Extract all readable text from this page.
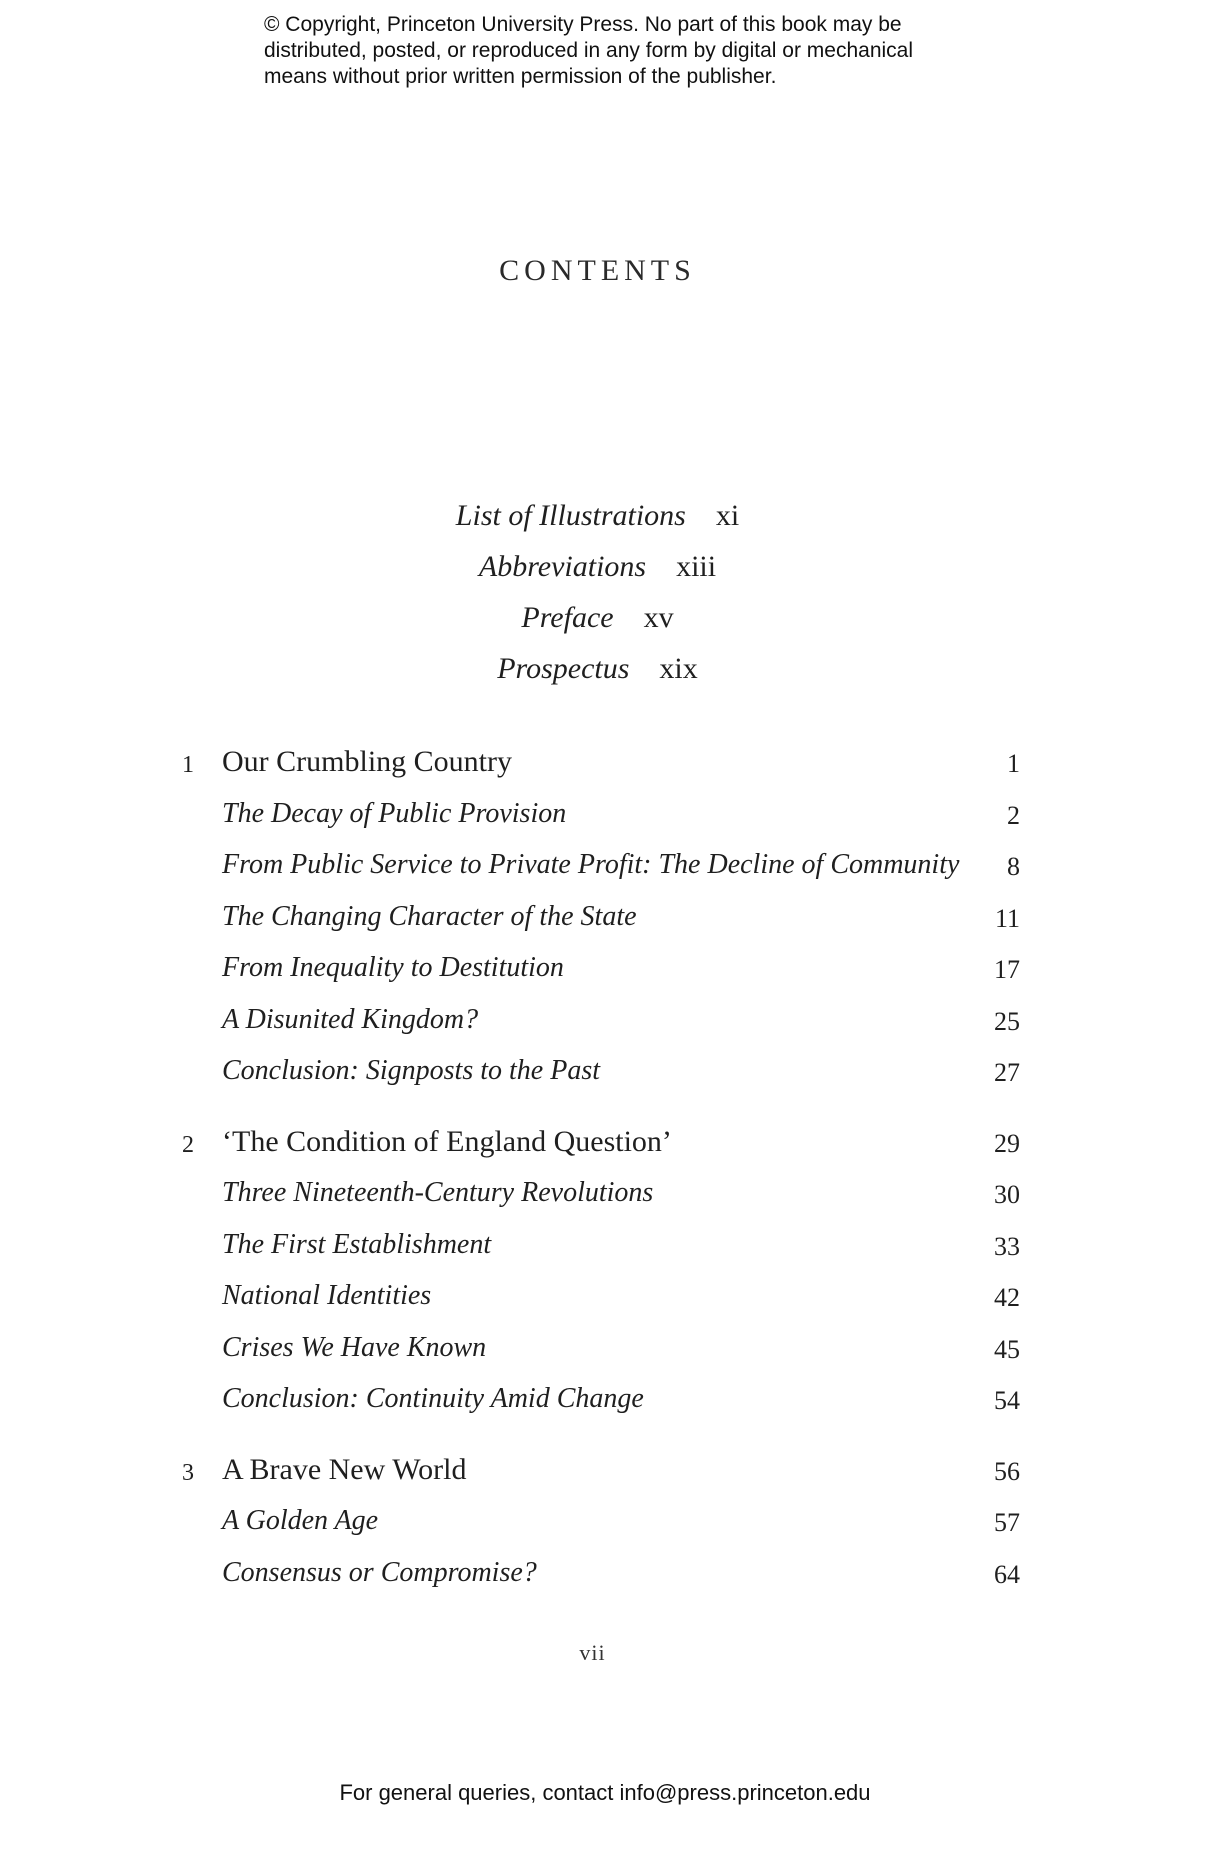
© Copyright, Princeton University Press. No part of this book may be
distributed, posted, or reproduced in any form by digital or mechanical
means without prior written permission of the publisher.
CONTENTS
List of Illustrations xi
Abbreviations xiii
Preface xv
Prospectus xix
1 Our Crumbling Country	1
The Decay of Public Provision	2
From Public Service to Private Profit: The Decline of Community 8
The Changing Character of the State	11
From Inequality to Destitution	17
A Disunited Kingdom?	25
Conclusion: Signposts to the Past	27
2 ‘The Condition of England Question’	29
Three Nineteenth-Century Revolutions	30
The First Establishment	33
National Identities	42
Crises We Have Known	45
Conclusion: Continuity Amid Change	54
3 A Brave New World	56
A Golden Age	57
Consensus or Compromise?	64
vii
For general queries, contact info@press.princeton.edu
